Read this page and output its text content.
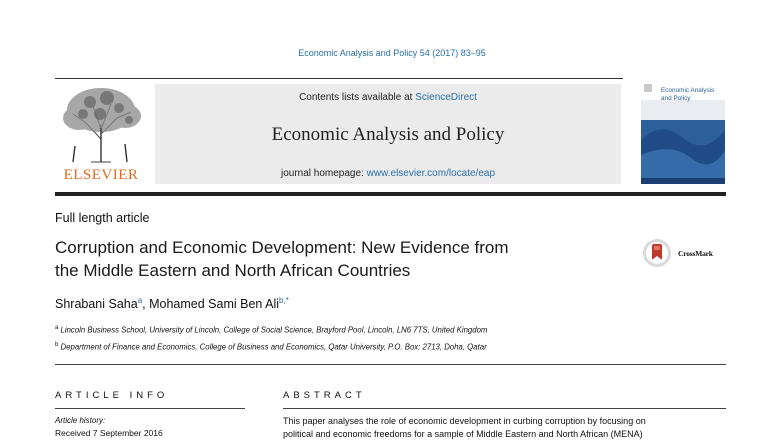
Economic Analysis and Policy 54 (2017) 83–95
ELSEVIER
Contents lists available at ScienceDirect
Economic Analysis and Policy
journal homepage: www.elsevier.com/locate/eap
Economic Analysis
and Policy
Full length article
Corruption and Economic Development: New Evidence from
the Middle Eastern and North African Countries
CrossMark
Shrabani Saha$^a$, Mohamed Sami Ben Ali$^{b,*}$
$^a$ Lincoln Business School, University of Lincoln, College of Social Science, Brayford Pool, Lincoln, LN6 7TS, United Kingdom
$^b$ Department of Finance and Economics, College of Business and Economics, Qatar University, P.O. Box: 2713, Doha, Qatar
ARTICLE INFO	ABSTRACT
Article history:
Received 7 September 2016
This paper analyses the role of economic development in curbing corruption by focusing on
political and economic freedoms for a sample of Middle Eastern and North African (MENA)
